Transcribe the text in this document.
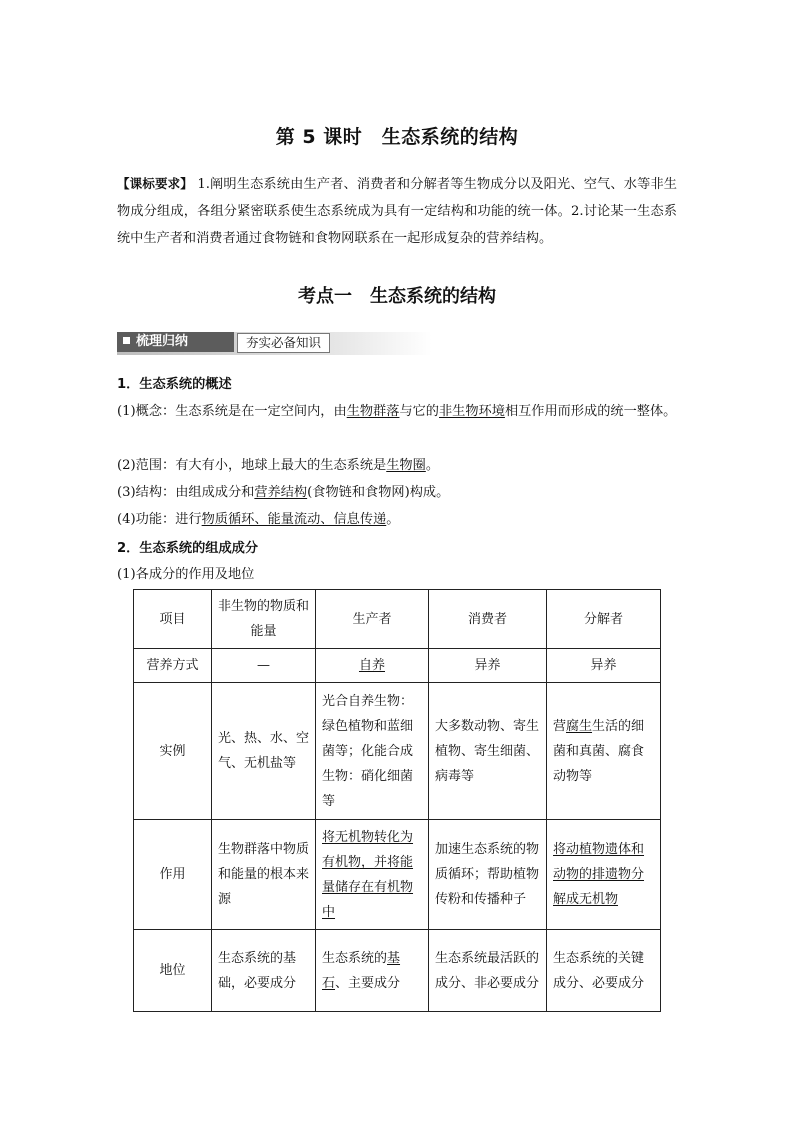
第 5 课时　生态系统的结构
【课标要求】 1.阐明生态系统由生产者、消费者和分解者等生物成分以及阳光、空气、水等非生物成分组成，各组分紧密联系使生态系统成为具有一定结构和功能的统一体。2.讨论某一生态系统中生产者和消费者通过食物链和食物网联系在一起形成复杂的营养结构。
考点一　生态系统的结构
梳理归纳	夯实必备知识
1．生态系统的概述
(1)概念：生态系统是在一定空间内，由生物群落与它的非生物环境相互作用而形成的统一整体。
(2)范围：有大有小，地球上最大的生态系统是生物圈。
(3)结构：由组成成分和营养结构(食物链和食物网)构成。
(4)功能：进行物质循环、能量流动、信息传递。
2．生态系统的组成成分
(1)各成分的作用及地位
项目	非生物的物质和能量	生产者	消费者	分解者
营养方式	—	自养	异养	异养
实例	光、热、水、空气、无机盐等	光合自养生物：绿色植物和蓝细菌等；化能合成生物：硝化细菌等	大多数动物、寄生植物、寄生细菌、病毒等	营腐生生活的细菌和真菌、腐食动物等
作用	生物群落中物质和能量的根本来源	将无机物转化为有机物，并将能量储存在有机物中	加速生态系统的物质循环；帮助植物传粉和传播种子	将动植物遗体和动物的排遗物分解成无机物
地位	生态系统的基础，必要成分	生态系统的基石、主要成分	生态系统最活跃的成分、非必要成分	生态系统的关键成分、必要成分
